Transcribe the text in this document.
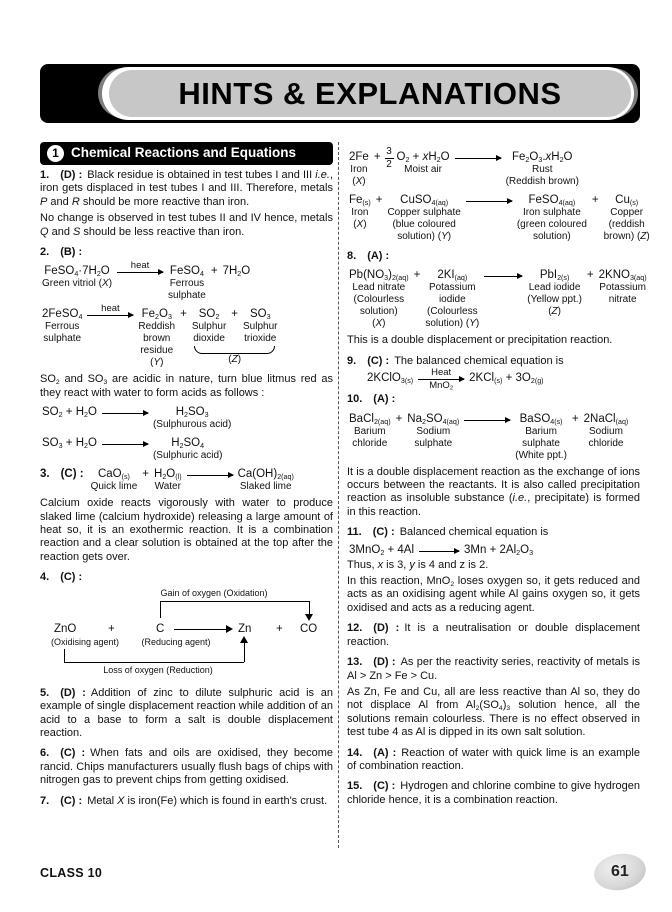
HINTS & EXPLANATIONS
1 Chemical Reactions and Equations

1. (D) : Black residue is obtained in test tubes I and III i.e., iron gets displaced in test tubes I and III. Therefore, metals P and R should be more reactive than iron.

No change is observed in test tubes II and IV hence, metals Q and S should be less reactive than iron.

2. (B) :

$FeSO_4\cdot 7H_2O$
Green vitriol (X)
heat	FeSO$_4$
Ferrous
sulphate
+ $7H_2O$
2FeSO$_4$
Ferrous
sulphate
heat	$Fe_2O_3$
Reddish
brown
residue
(Y)
+ $SO_2$
Sulphur
dioxide
+ $SO_3$
Sulphur
trioxide
(Z)

$SO_2$ and $SO_3$ are acidic in nature, turn blue litmus red as they react with water to form acids as follows :

$SO_2 + H_2O \to H_2SO_3$
(Sulphurous acid)
$SO_3 + H_2O \to H_2SO_4$
(Sulphuric acid)
3. (C) : CaO$_{(s)}$
Quick lime
+ $H_2O_{(l)}$
Water
→ $Ca(OH)_{2(aq)}$
Slaked lime

Calcium oxide reacts vigorously with water to produce slaked lime (calcium hydroxide) releasing a large amount of heat so, it is an exothermic reaction. It is a combination reaction and a clear solution is obtained at the top after the reaction gets over.

4. (C) :

Gain of oxygen (Oxidation)
ZnO	+	C	Zn + CO
(Oxidising agent)	(Reducing agent)
Loss of oxygen (Reduction)

5. (D) : Addition of zinc to dilute sulphuric acid is an example of single displacement reaction while addition of an acid to a base to form a salt is double displacement reaction.

6. (C) : When fats and oils are oxidised, they become rancid. Chips manufacturers usually flush bags of chips with nitrogen gas to prevent chips from getting oxidised.

7. (C) : Metal X is iron(Fe) which is found in earth's crust.

2Fe
Iron
(X)
+ $\frac{3}{2} O_2 + xH_2O$
Moist air
→ $Fe_2O_3.xH_2O$
Rust
(Reddish brown)
$Fe_{(s)}$
Iron
(X)
+ CuSO$_{4(aq)}$
Copper sulphate
(blue coloured
solution) (Y)
→ FeSO$_{4(aq)}$
Iron sulphate
(green coloured
solution)
+ $Cu_{(s)}$
Copper
(reddish
brown) (Z)

8. (A) :

$Pb(NO_3)_{2(aq)}$
Lead nitrate
(Colourless
solution)
(X)
+ $2KI_{(aq)}$
Potassium
iodide
(Colourless
solution) (Y)
PbI$_{2(s)}$
Lead iodide
(Yellow ppt.)
(Z)
+ $2KNO_{3(aq)}$
Potassium
nitrate

This is a double displacement or precipitation reaction.

9. (C) : The balanced chemical equation is

2KClO$_{3(s)}$
Heat
MnO$_2$
$2KCl_{(s)} + 3O_{2(g)}$

10. (A) :

BaCl$_{2(aq)}$
Barium
chloride
+ $Na_2SO_{4(aq)}$
Sodium
sulphate
→ BaSO$_{4(s)}$
Barium
sulphate
(White ppt.)
+ 2NaCl$_{(aq)}$
Sodium
chloride

It is a double displacement reaction as the exchange of ions occurs between the reactants. It is also called precipitation reaction as insoluble substance (i.e., precipitate) is formed in this reaction.

11. (C) : Balanced chemical equation is

$3MnO_2 + 4Al \to 3Mn + 2Al_2O_3$

Thus, x is 3, y is 4 and z is 2.

In this reaction, MnO$_2$ loses oxygen so, it gets reduced and acts as an oxidising agent while Al gains oxygen so, it gets oxidised and acts as a reducing agent.

12. (D) : It is a neutralisation or double displacement reaction.

13. (D) : As per the reactivity series, reactivity of metals is Al > Zn > Fe > Cu.

As Zn, Fe and Cu, all are less reactive than Al so, they do not displace Al from $Al_2(SO_4)_3$ solution hence, all the solutions remain colourless. There is no effect observed in test tube 4 as Al is dipped in its own salt solution.

14. (A) : Reaction of water with quick lime is an example of combination reaction.

15. (C) : Hydrogen and chlorine combine to give hydrogen chloride hence, it is a combination reaction.

CLASS 10	61
